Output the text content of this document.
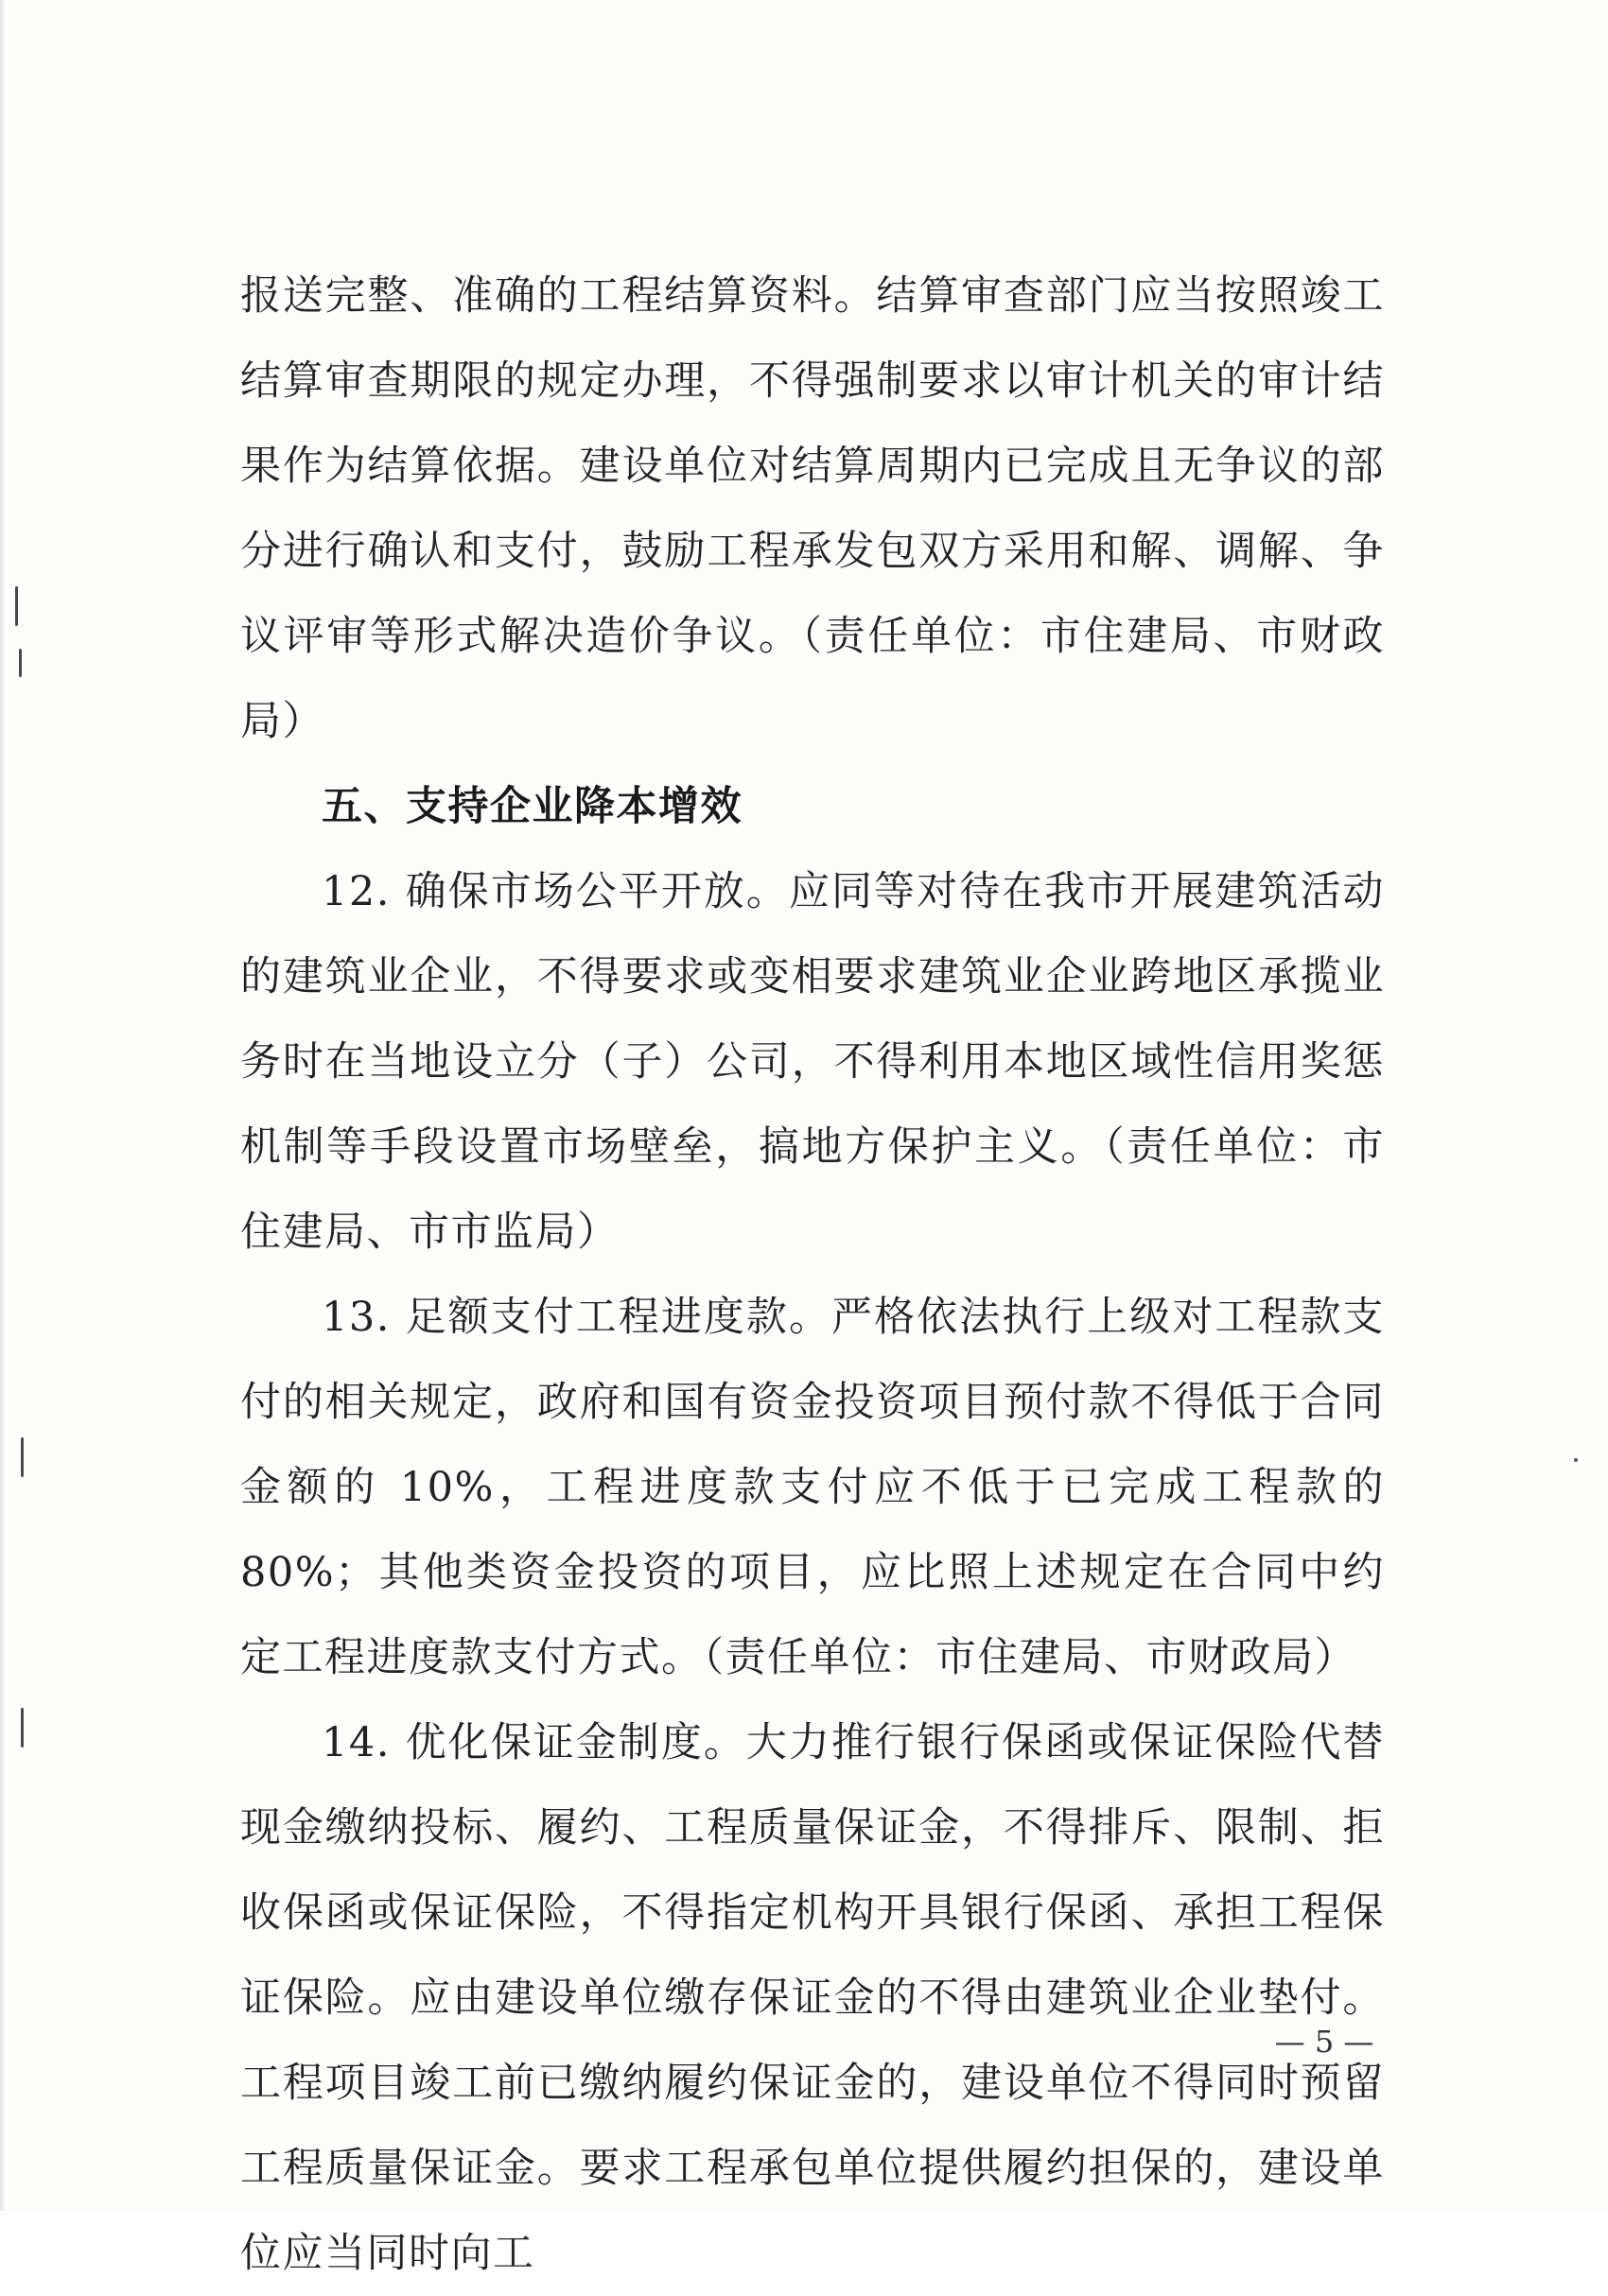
报送完整、准确的工程结算资料。结算审查部门应当按照竣工结算审查期限的规定办理，不得强制要求以审计机关的审计结果作为结算依据。建设单位对结算周期内已完成且无争议的部分进行确认和支付，鼓励工程承发包双方采用和解、调解、争议评审等形式解决造价争议。（责任单位：市住建局、市财政局）

五、支持企业降本增效

12. 确保市场公平开放。应同等对待在我市开展建筑活动的建筑业企业，不得要求或变相要求建筑业企业跨地区承揽业务时在当地设立分（子）公司，不得利用本地区域性信用奖惩机制等手段设置市场壁垒，搞地方保护主义。（责任单位：市住建局、市市监局）

13. 足额支付工程进度款。严格依法执行上级对工程款支付的相关规定，政府和国有资金投资项目预付款不得低于合同金额的 10%，工程进度款支付应不低于已完成工程款的 80%；其他类资金投资的项目，应比照上述规定在合同中约定工程进度款支付方式。（责任单位：市住建局、市财政局）

14. 优化保证金制度。大力推行银行保函或保证保险代替现金缴纳投标、履约、工程质量保证金，不得排斥、限制、拒收保函或保证保险，不得指定机构开具银行保函、承担工程保证保险。应由建设单位缴存保证金的不得由建筑业企业垫付。工程项目竣工前已缴纳履约保证金的，建设单位不得同时预留工程质量保证金。要求工程承包单位提供履约担保的，建设单位应当同时向工

— 5 —
